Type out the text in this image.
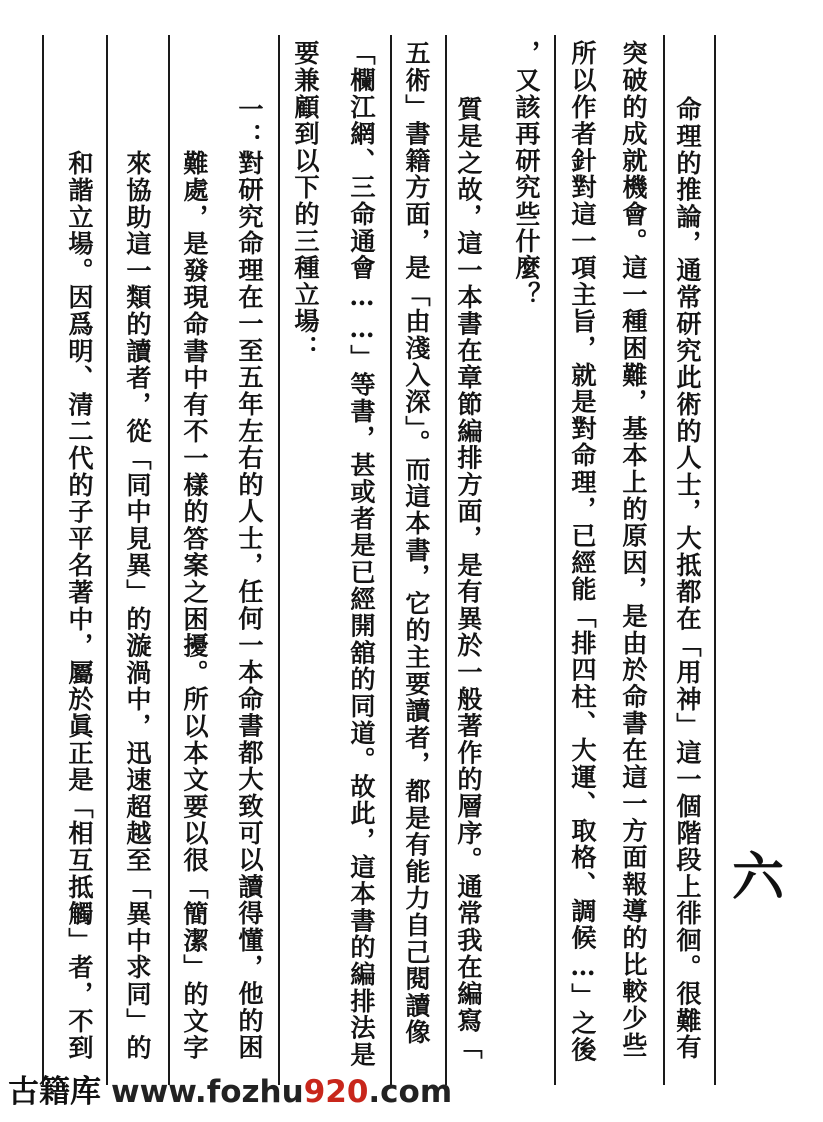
命理的推論，通常研究此術的人士，大抵都在「用神」這一個階段上徘徊。很難有
突破的成就機會。這一種困難，基本上的原因，是由於命書在這一方面報導的比較少些
所以作者針對這一項主旨，就是對命理，已經能「排四柱、大運、取格、調候…」之後
，又該再研究些什麼？
質是之故，這一本書在章節編排方面，是有異於一般著作的層序。通常我在編寫「
五術」書籍方面，是「由淺入深」。而這本書，它的主要讀者，都是有能力自己閱讀像
「欄江網、三命通會……」等書，甚或者是已經開舘的同道。故此，這本書的編排法是
要兼顧到以下的三種立場：
一：對研究命理在一至五年左右的人士，任何一本命書都大致可以讀得懂，他的困
難處，是發現命書中有不一樣的答案之困擾。所以本文要以很「簡潔」的文字
來協助這一類的讀者，從「同中見異」的漩渦中，迅速超越至「異中求同」的
和諧立場。因爲明、清二代的子平名著中，屬於眞正是「相互抵觸」者，不到	六
古籍库 www.fozhu920.com
